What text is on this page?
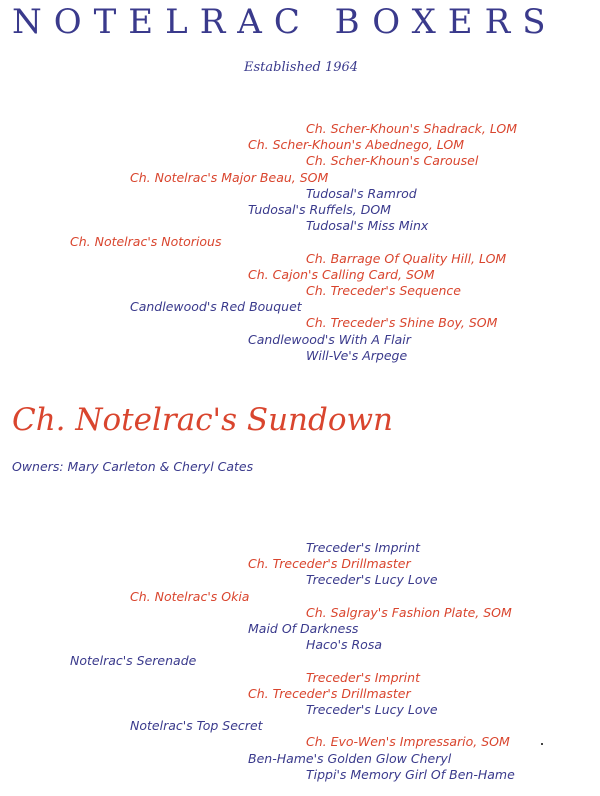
NOTELRAC BOXERS
Established 1964
Ch. Scher-Khoun's Shadrack, LOM
Ch. Scher-Khoun's Abednego, LOM
Ch. Scher-Khoun's Carousel
Ch. Notelrac's Major Beau, SOM
Tudosal's Ramrod
Tudosal's Ruffels, DOM
Tudosal's Miss Minx
Ch. Notelrac's Notorious
Ch. Barrage Of Quality Hill, LOM
Ch. Cajon's Calling Card, SOM
Ch. Treceder's Sequence
Candlewood's Red Bouquet
Ch. Treceder's Shine Boy, SOM
Candlewood's With A Flair
Will-Ve's Arpege
Ch. Notelrac's Sundown
Owners: Mary Carleton & Cheryl Cates
Treceder's Imprint
Ch. Treceder's Drillmaster
Treceder's Lucy Love
Ch. Notelrac's Okia
Ch. Salgray's Fashion Plate, SOM
Maid Of Darkness
Haco's Rosa
Notelrac's Serenade
Treceder's Imprint
Ch. Treceder's Drillmaster
Treceder's Lucy Love
Notelrac's Top Secret
Ch. Evo-Wen's Impressario, SOM
Ben-Hame's Golden Glow Cheryl
Tippi's Memory Girl Of Ben-Hame
